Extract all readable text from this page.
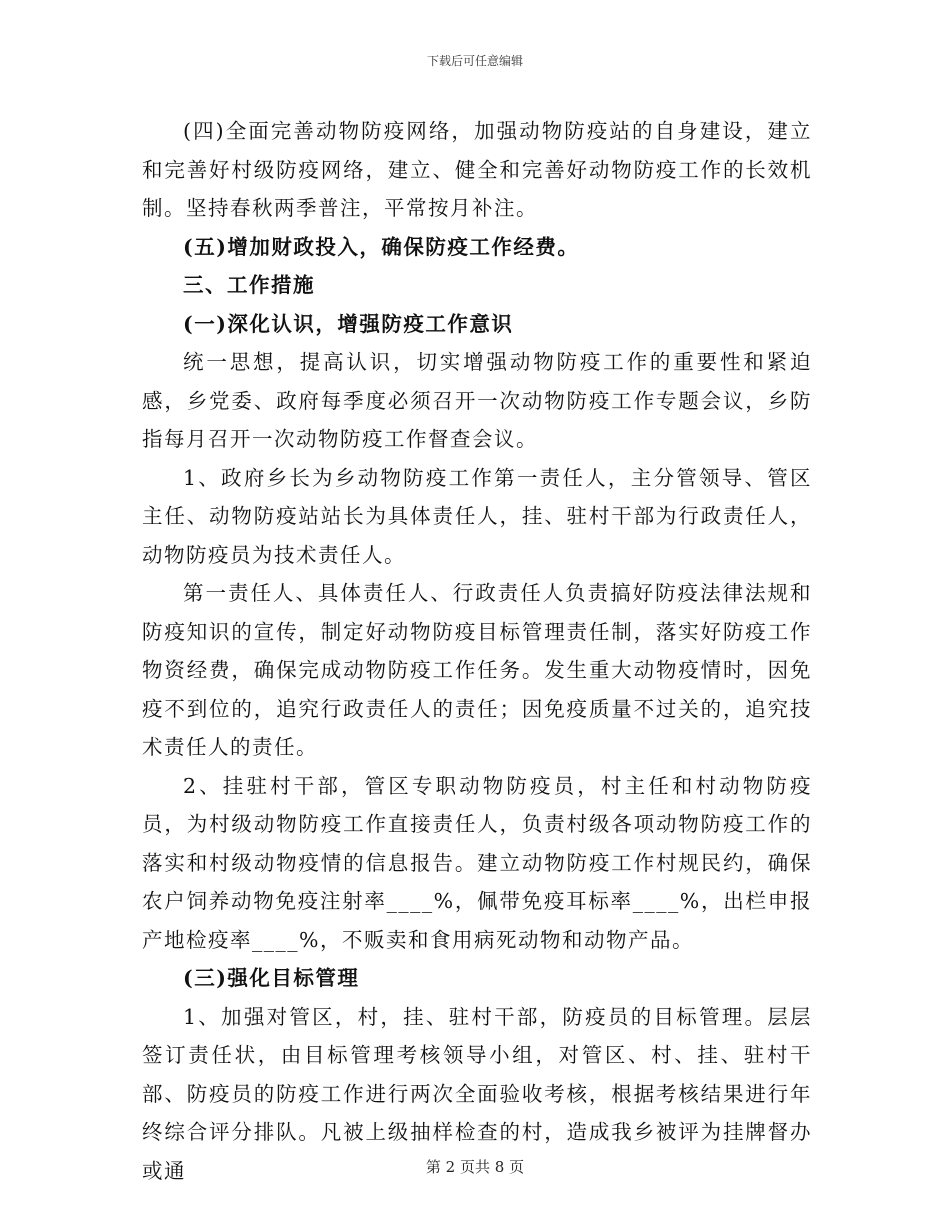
下载后可任意编辑

(四)全面完善动物防疫网络，加强动物防疫站的自身建设，建立和完善好村级防疫网络，建立、健全和完善好动物防疫工作的长效机制。坚持春秋两季普注，平常按月补注。

(五)增加财政投入，确保防疫工作经费。

三、工作措施

(一)深化认识，增强防疫工作意识

统一思想，提高认识，切实增强动物防疫工作的重要性和紧迫感，乡党委、政府每季度必须召开一次动物防疫工作专题会议，乡防指每月召开一次动物防疫工作督查会议。

1、政府乡长为乡动物防疫工作第一责任人，主分管领导、管区主任、动物防疫站站长为具体责任人，挂、驻村干部为行政责任人，动物防疫员为技术责任人。

第一责任人、具体责任人、行政责任人负责搞好防疫法律法规和防疫知识的宣传，制定好动物防疫目标管理责任制，落实好防疫工作物资经费，确保完成动物防疫工作任务。发生重大动物疫情时，因免疫不到位的，追究行政责任人的责任；因免疫质量不过关的，追究技术责任人的责任。

2、挂驻村干部，管区专职动物防疫员，村主任和村动物防疫员，为村级动物防疫工作直接责任人，负责村级各项动物防疫工作的落实和村级动物疫情的信息报告。建立动物防疫工作村规民约，确保农户饲养动物免疫注射率____%，佩带免疫耳标率____%，出栏申报产地检疫率____%，不贩卖和食用病死动物和动物产品。

(三)强化目标管理

1、加强对管区，村，挂、驻村干部，防疫员的目标管理。层层签订责任状，由目标管理考核领导小组，对管区、村、挂、驻村干部、防疫员的防疫工作进行两次全面验收考核，根据考核结果进行年终综合评分排队。凡被上级抽样检查的村，造成我乡被评为挂牌督办或通	第 2 页共 8 页
